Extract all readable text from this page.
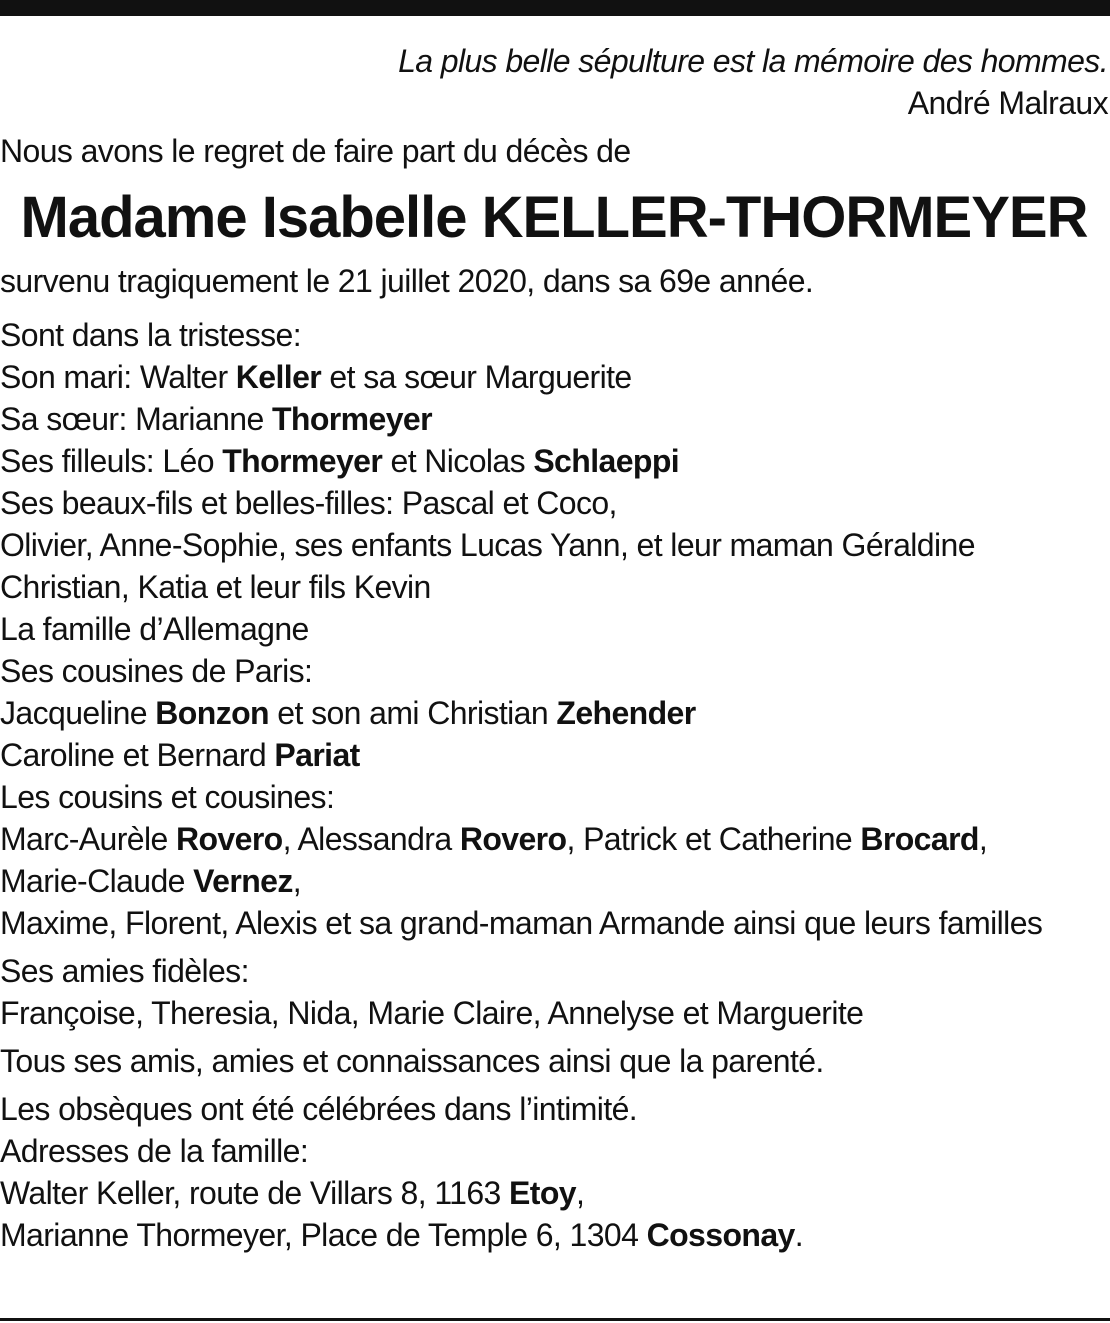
La plus belle sépulture est la mémoire des hommes.

André Malraux

Nous avons le regret de faire part du décès de

Madame Isabelle KELLER-THORMEYER

survenu tragiquement le 21 juillet 2020, dans sa 69e année.

Sont dans la tristesse:

Son mari: Walter Keller et sa sœur Marguerite

Sa sœur: Marianne Thormeyer

Ses filleuls: Léo Thormeyer et Nicolas Schlaeppi

Ses beaux-fils et belles-filles: Pascal et Coco,

Olivier, Anne-Sophie, ses enfants Lucas Yann, et leur maman Géraldine

Christian, Katia et leur fils Kevin

La famille d’Allemagne

Ses cousines de Paris:

Jacqueline Bonzon et son ami Christian Zehender

Caroline et Bernard Pariat

Les cousins et cousines:

Marc-Aurèle Rovero, Alessandra Rovero, Patrick et Catherine Brocard,

Marie-Claude Vernez,

Maxime, Florent, Alexis et sa grand-maman Armande ainsi que leurs familles

Ses amies fidèles:

Françoise, Theresia, Nida, Marie Claire, Annelyse et Marguerite

Tous ses amis, amies et connaissances ainsi que la parenté.

Les obsèques ont été célébrées dans l’intimité.

Adresses de la famille:

Walter Keller, route de Villars 8, 1163 Etoy,

Marianne Thormeyer, Place de Temple 6, 1304 Cossonay.
